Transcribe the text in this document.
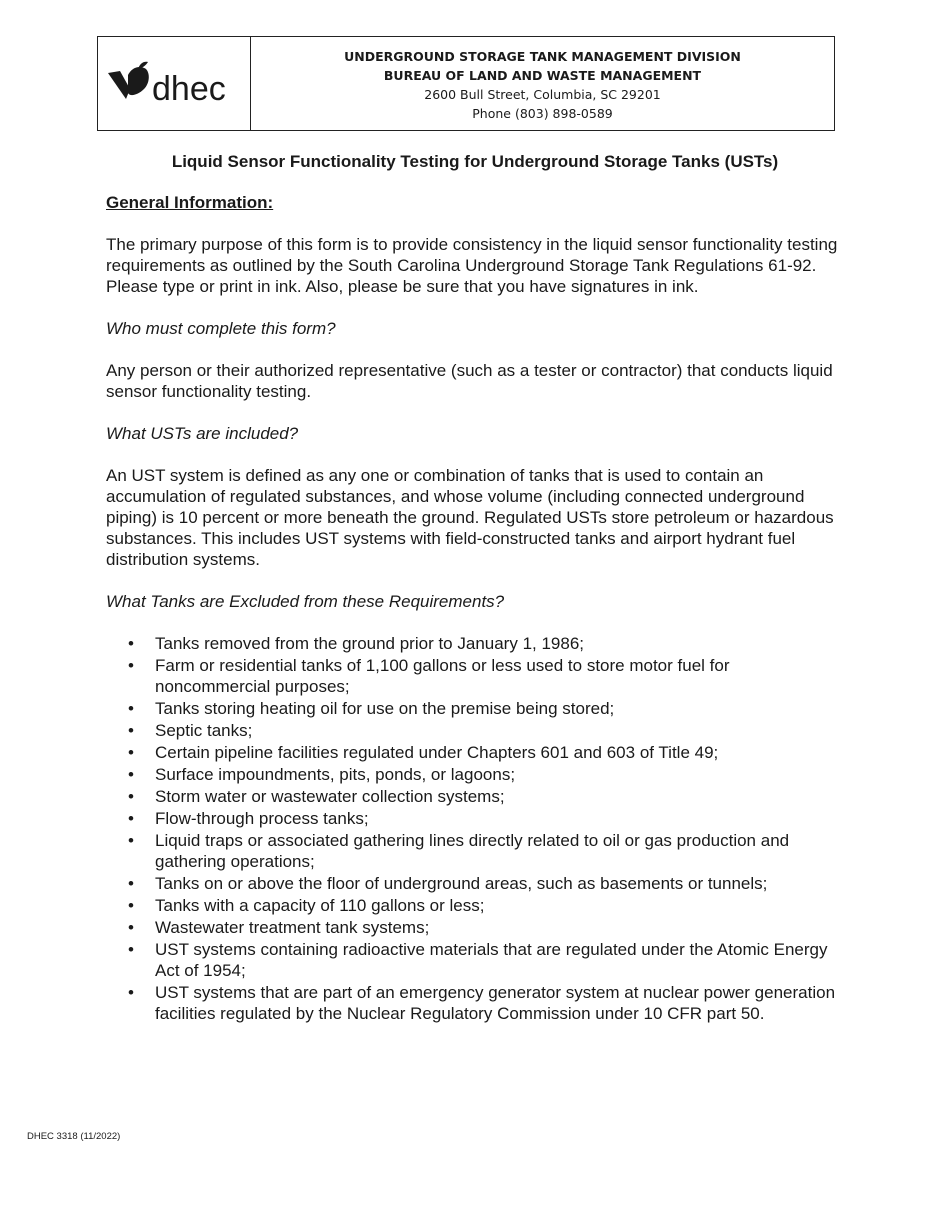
dhec
UNDERGROUND STORAGE TANK MANAGEMENT DIVISION
BUREAU OF LAND AND WASTE MANAGEMENT
2600 Bull Street, Columbia, SC 29201
Phone (803) 898-0589
Liquid Sensor Functionality Testing for Underground Storage Tanks (USTs)

General Information:

The primary purpose of this form is to provide consistency in the liquid sensor functionality testing requirements as outlined by the South Carolina Underground Storage Tank Regulations 61-92. Please type or print in ink. Also, please be sure that you have signatures in ink.

Who must complete this form?

Any person or their authorized representative (such as a tester or contractor) that conducts liquid sensor functionality testing.

What USTs are included?

An UST system is defined as any one or combination of tanks that is used to contain an accumulation of regulated substances, and whose volume (including connected underground piping) is 10 percent or more beneath the ground. Regulated USTs store petroleum or hazardous substances. This includes UST systems with field-constructed tanks and airport hydrant fuel distribution systems.

What Tanks are Excluded from these Requirements?

• Tanks removed from the ground prior to January 1, 1986;
• Farm or residential tanks of 1,100 gallons or less used to store motor fuel for noncommercial purposes;
• Tanks storing heating oil for use on the premise being stored;
• Septic tanks;
• Certain pipeline facilities regulated under Chapters 601 and 603 of Title 49;
• Surface impoundments, pits, ponds, or lagoons;
• Storm water or wastewater collection systems;
• Flow-through process tanks;
• Liquid traps or associated gathering lines directly related to oil or gas production and gathering operations;
• Tanks on or above the floor of underground areas, such as basements or tunnels;
• Tanks with a capacity of 110 gallons or less;
• Wastewater treatment tank systems;
• UST systems containing radioactive materials that are regulated under the Atomic Energy Act of 1954;
• UST systems that are part of an emergency generator system at nuclear power generation facilities regulated by the Nuclear Regulatory Commission under 10 CFR part 50.
DHEC 3318 (11/2022)
